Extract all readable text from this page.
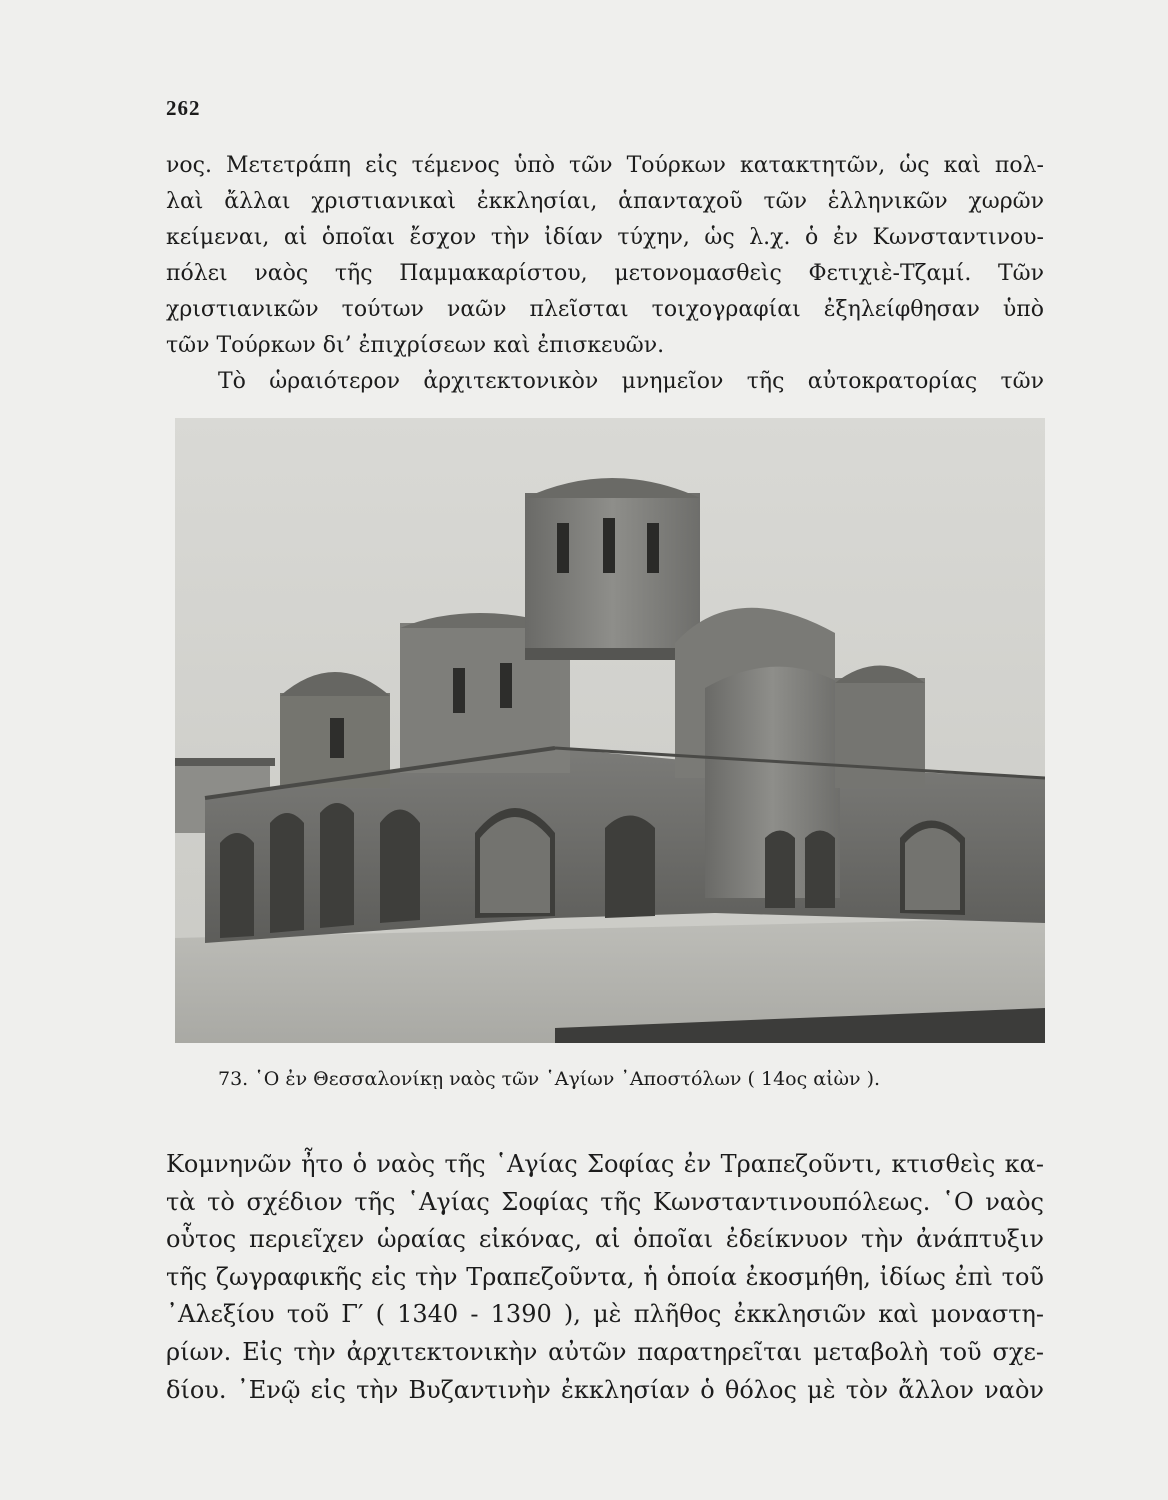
262
νος. Μετετράπη εἰς τέμενος ὑπὸ τῶν Τούρκων κατακτητῶν, ὡς καὶ πολ-
λαὶ ἄλλαι χριστιανικαὶ ἐκκλησίαι, ἁπανταχοῦ τῶν ἑλληνικῶν χωρῶν
κείμεναι, αἱ ὁποῖαι ἔσχον τὴν ἰδίαν τύχην, ὡς λ.χ. ὁ ἐν Κωνσταντινου-
πόλει ναὸς τῆς Παμμακαρίστου, μετονομασθεὶς Φετιχιὲ-Τζαμί. Τῶν
χριστιανικῶν τούτων ναῶν πλεῖσται τοιχογραφίαι ἐξηλείφθησαν ὑπὸ
τῶν Τούρκων δι’ ἐπιχρίσεων καὶ ἐπισκευῶν.
Τὸ ὡραιότερον ἀρχιτεκτονικὸν μνημεῖον τῆς αὐτοκρατορίας τῶν
73. ῾Ο ἐν Θεσσαλονίκῃ ναὸς τῶν ῾Αγίων ᾿Αποστόλων ( 14ος αἰὼν ).
Κομνηνῶν ἦτο ὁ ναὸς τῆς ῾Αγίας Σοφίας ἐν Τραπεζοῦντι, κτισθεὶς κα-
τὰ τὸ σχέδιον τῆς ῾Αγίας Σοφίας τῆς Κωνσταντινουπόλεως. ῾Ο ναὸς
οὗτος περιεῖχεν ὡραίας εἰκόνας, αἱ ὁποῖαι ἐδείκνυον τὴν ἀνάπτυξιν
τῆς ζωγραφικῆς εἰς τὴν Τραπεζοῦντα, ἡ ὁποία ἐκοσμήθη, ἰδίως ἐπὶ τοῦ
᾿Αλεξίου τοῦ Γ′ ( 1340 - 1390 ), μὲ πλῆθος ἐκκλησιῶν καὶ μοναστη-
ρίων. Εἰς τὴν ἀρχιτεκτονικὴν αὐτῶν παρατηρεῖται μεταβολὴ τοῦ σχε-
δίου. ᾿Ενῷ εἰς τὴν Βυζαντινὴν ἐκκλησίαν ὁ θόλος μὲ τὸν ἄλλον ναὸν
